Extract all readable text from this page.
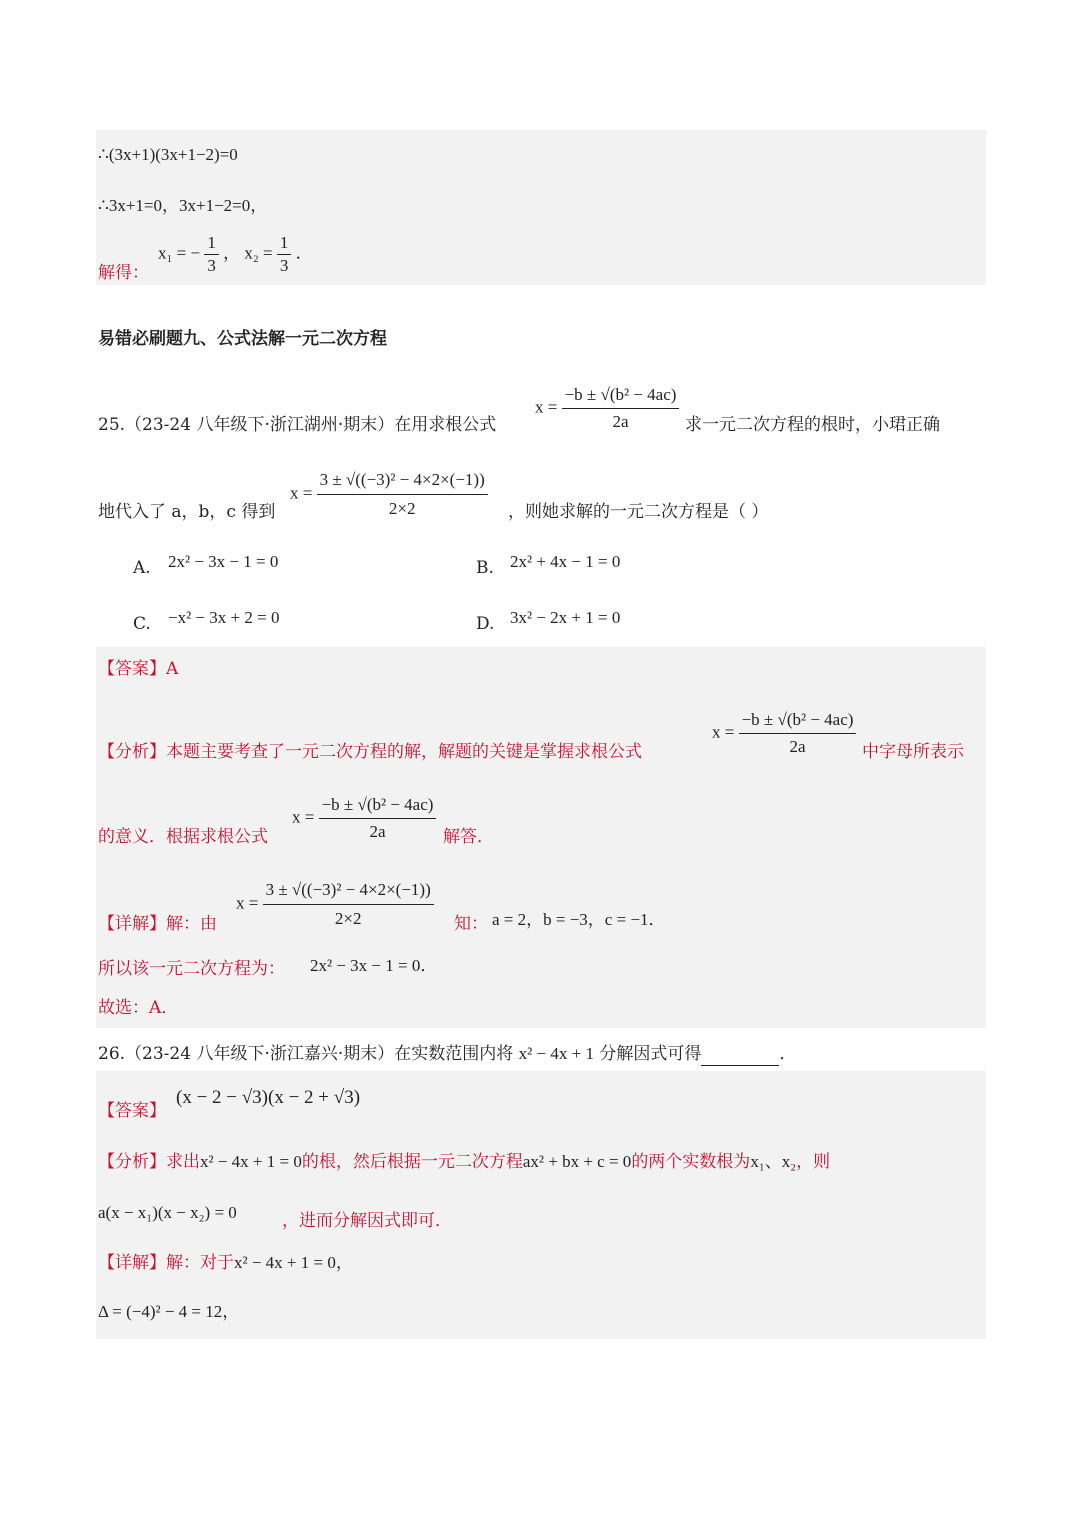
∴(3x+1)(3x+1−2)=0
∴3x+1=0，3x+1−2=0，
解得：
x₁ = − $\frac{1}{3}$ ， $x_2 = \frac{1}{3}$ ．
易错必刷题九、公式法解一元二次方程
25.（23-24 八年级下·浙江湖州·期末）在用求根公式
$x = \frac{\text{−b ± √(b² − 4ac)}}{2a}$ 求一元二次方程的根时，小珺正确
地代入了 a，b，c 得到
$x = \frac{\text{3 ± √((−3)² − 4×2×(−1))}}{2\times 2}$ ，则她求解的一元二次方程是（ ）
A. 2x² − 3x − 1 = 0	B. 2x² + 4x − 1 = 0
C. −x² − 3x + 2 = 0	D. 3x² − 2x + 1 = 0
【答案】A
【分析】本题主要考查了一元二次方程的解，解题的关键是掌握求根公式
$x = \frac{\text{−b ± √(b² − 4ac)}}{2a}$ 中字母所表示
的意义．根据求根公式
$x = \frac{\text{−b ± √(b² − 4ac)}}{2a}$ 解答．
【详解】解：由
$x = \frac{\text{3 ± √((−3)² − 4×2×(−1))}}{2\times 2}$ 知： a = 2，b = −3，c = −1．
所以该一元二次方程为： 2x² − 3x − 1 = 0．
故选：A．
26.（23-24 八年级下·浙江嘉兴·期末）在实数范围内将 x² − 4x + 1 分解因式可得	．
【答案】
(x − 2 − √3)(x − 2 + √3)
【分析】求出x² − 4x + 1 = 0的根，然后根据一元二次方程ax² + bx + c = 0的两个实数根为x₁、x₂，则
a(x − x₁)(x − x₂) = 0	，进而分解因式即可．
【详解】解：对于x² − 4x + 1 = 0，
Δ = (−4)² − 4 = 12，
